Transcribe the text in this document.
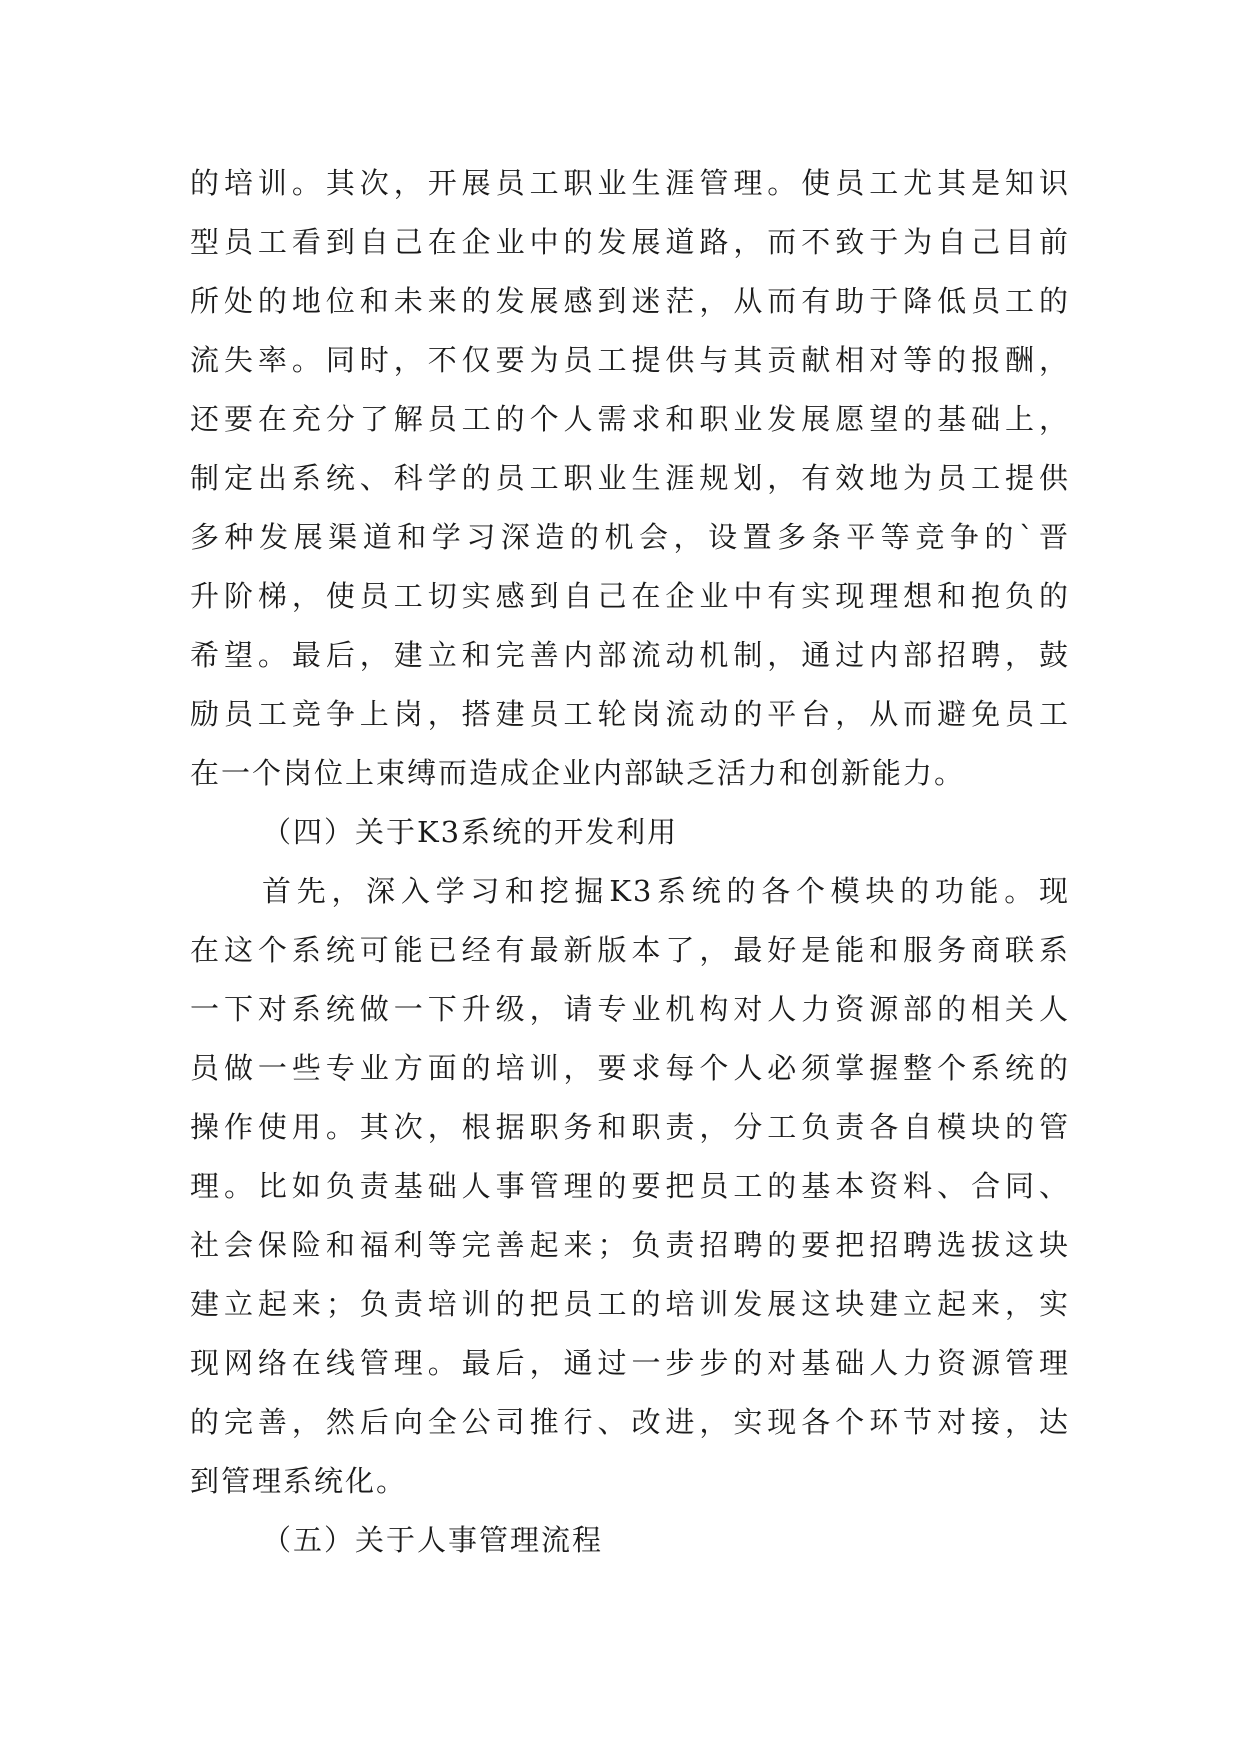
的培训。其次，开展员工职业生涯管理。使员工尤其是知识
型员工看到自己在企业中的发展道路，而不致于为自己目前
所处的地位和未来的发展感到迷茫，从而有助于降低员工的
流失率。同时，不仅要为员工提供与其贡献相对等的报酬，
还要在充分了解员工的个人需求和职业发展愿望的基础上，
制定出系统、科学的员工职业生涯规划，有效地为员工提供
多种发展渠道和学习深造的机会，设置多条平等竞争的`晋
升阶梯，使员工切实感到自己在企业中有实现理想和抱负的
希望。最后，建立和完善内部流动机制，通过内部招聘，鼓
励员工竞争上岗，搭建员工轮岗流动的平台，从而避免员工
在一个岗位上束缚而造成企业内部缺乏活力和创新能力。
（四）关于K3系统的开发利用
首先，深入学习和挖掘K3系统的各个模块的功能。现
在这个系统可能已经有最新版本了，最好是能和服务商联系
一下对系统做一下升级，请专业机构对人力资源部的相关人
员做一些专业方面的培训，要求每个人必须掌握整个系统的
操作使用。其次，根据职务和职责，分工负责各自模块的管
理。比如负责基础人事管理的要把员工的基本资料、合同、
社会保险和福利等完善起来；负责招聘的要把招聘选拔这块
建立起来；负责培训的把员工的培训发展这块建立起来，实
现网络在线管理。最后，通过一步步的对基础人力资源管理
的完善，然后向全公司推行、改进，实现各个环节对接，达
到管理系统化。
（五）关于人事管理流程
